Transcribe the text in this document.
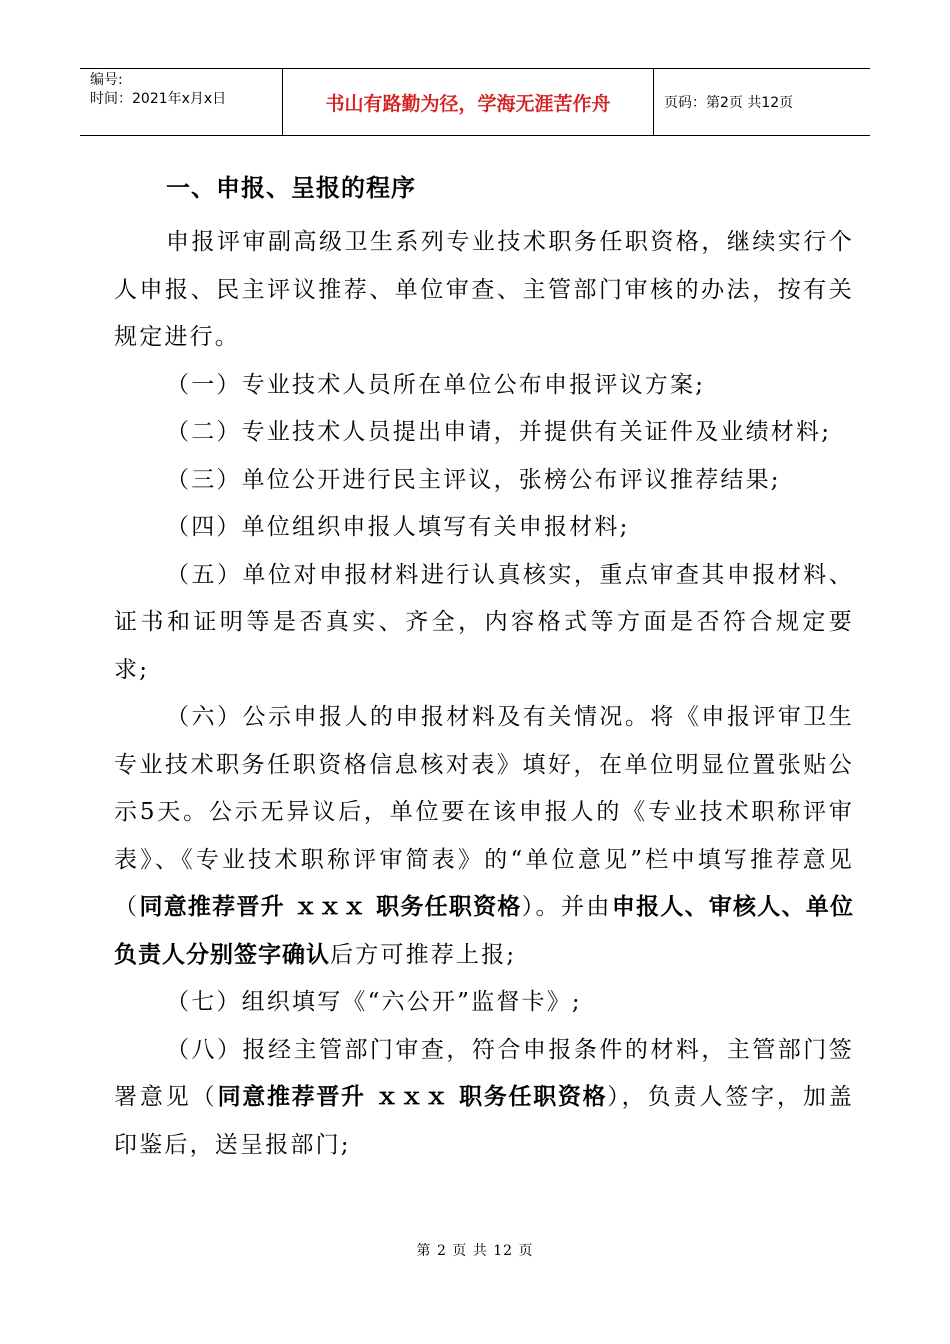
编号:
时间：2021年x月x日	书山有路勤为径，学海无涯苦作舟	页码：第2页 共12页
一、申报、呈报的程序

申报评审副高级卫生系列专业技术职务任职资格，继续实行个人申报、民主评议推荐、单位审查、主管部门审核的办法，按有关规定进行。

（一）专业技术人员所在单位公布申报评议方案;

（二）专业技术人员提出申请，并提供有关证件及业绩材料;

（三）单位公开进行民主评议，张榜公布评议推荐结果;

（四）单位组织申报人填写有关申报材料;

（五）单位对申报材料进行认真核实，重点审查其申报材料、证书和证明等是否真实、齐全，内容格式等方面是否符合规定要求;

（六）公示申报人的申报材料及有关情况。将《申报评审卫生专业技术职务任职资格信息核对表》填好，在单位明显位置张贴公示5天。公示无异议后，单位要在该申报人的《专业技术职称评审表》、《专业技术职称评审简表》的“单位意见”栏中填写推荐意见（同意推荐晋升 ｘｘｘ 职务任职资格）。并由申报人、审核人、单位负责人分别签字确认后方可推荐上报;

（七）组织填写《“六公开”监督卡》;

（八）报经主管部门审查，符合申报条件的材料，主管部门签署意见（同意推荐晋升 ｘｘｘ 职务任职资格），负责人签字，加盖印鉴后，送呈报部门;

第 2 页 共 12 页
